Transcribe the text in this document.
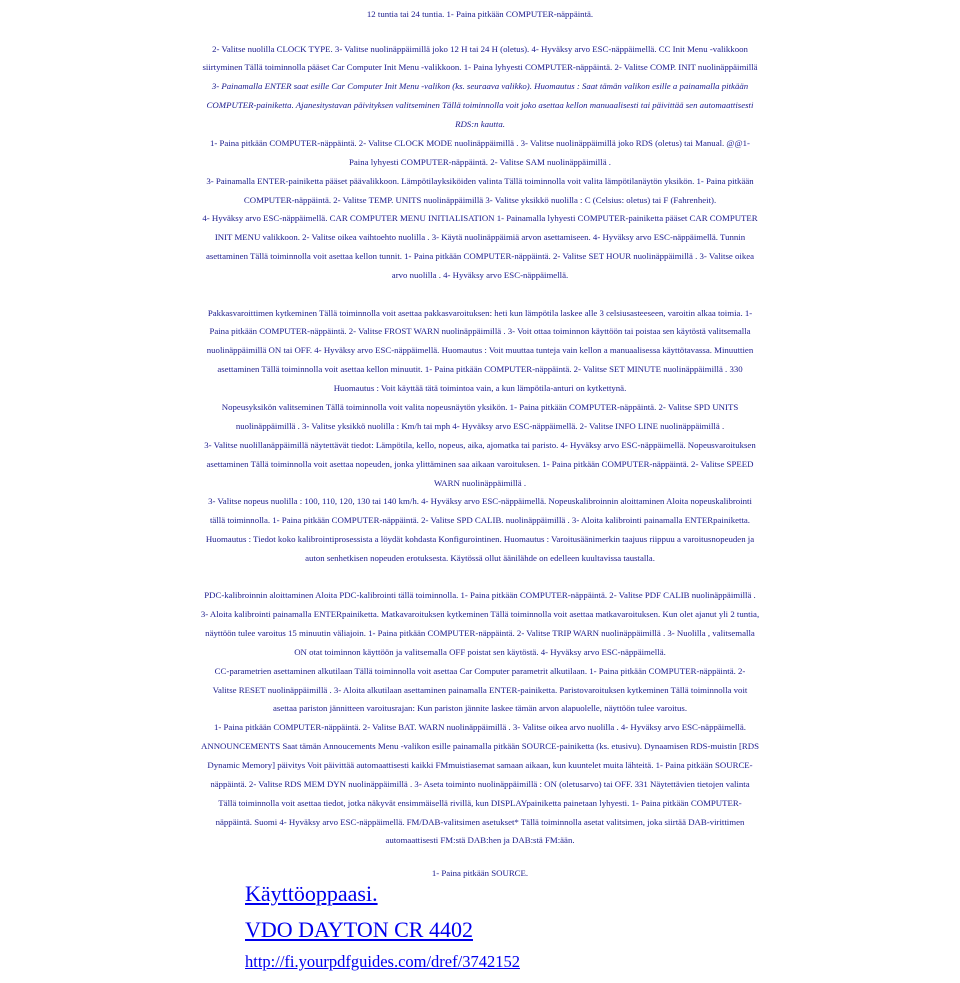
12 tuntia tai 24 tuntia. 1- Paina pitkään COMPUTER-näppäintä.
2- Valitse nuolilla CLOCK TYPE. 3- Valitse nuolinäppäimillä joko 12 H tai 24 H (oletus). 4- Hyväksy arvo ESC-näppäimellä. CC Init Menu -valikkoon
siirtyminen Tällä toiminnolla pääset Car Computer Init Menu -valikkoon. 1- Paina lyhyesti COMPUTER-näppäintä. 2- Valitse COMP. INIT nuolinäppäimillä
3- Painamalla ENTER saat esille Car Computer Init Menu -valikon (ks. seuraava valikko). Huomautus : Saat tämän valikon esille a painamalla pitkään
COMPUTER-painiketta. Ajanesitystavan päivityksen valitseminen Tällä toiminnolla voit joko asettaa kellon manuaalisesti tai päivittää sen automaattisesti
RDS:n kautta.
1- Paina pitkään COMPUTER-näppäintä. 2- Valitse CLOCK MODE nuolinäppäimillä . 3- Valitse nuolinäppäimillä joko RDS (oletus) tai Manual. @@1-
Paina lyhyesti COMPUTER-näppäintä. 2- Valitse SAM nuolinäppäimillä .
3- Painamalla ENTER-painiketta pääset päävalikkoon. Lämpötilayksiköiden valinta Tällä toiminnolla voit valita lämpötilanäytön yksikön. 1- Paina pitkään
COMPUTER-näppäintä. 2- Valitse TEMP. UNITS nuolinäppäimillä 3- Valitse yksikkö nuolilla : C (Celsius: oletus) tai F (Fahrenheit).
4- Hyväksy arvo ESC-näppäimellä. CAR COMPUTER MENU INITIALISATION 1- Painamalla lyhyesti COMPUTER-painiketta pääset CAR COMPUTER
INIT MENU valikkoon. 2- Valitse oikea vaihtoehto nuolilla . 3- Käytä nuolinäppäimiä arvon asettamiseen. 4- Hyväksy arvo ESC-näppäimellä. Tunnin
asettaminen Tällä toiminnolla voit asettaa kellon tunnit. 1- Paina pitkään COMPUTER-näppäintä. 2- Valitse SET HOUR nuolinäppäimillä . 3- Valitse oikea
arvo nuolilla . 4- Hyväksy arvo ESC-näppäimellä.
Pakkasvaroittimen kytkeminen Tällä toiminnolla voit asettaa pakkasvaroituksen: heti kun lämpötila laskee alle 3 celsiusasteeseen, varoitin alkaa toimia. 1-
Paina pitkään COMPUTER-näppäintä. 2- Valitse FROST WARN nuolinäppäimillä . 3- Voit ottaa toiminnon käyttöön tai poistaa sen käytöstä valitsemalla
nuolinäppäimillä ON tai OFF. 4- Hyväksy arvo ESC-näppäimellä. Huomautus : Voit muuttaa tunteja vain kellon a manuaalisessa käyttötavassa. Minuuttien
asettaminen Tällä toiminnolla voit asettaa kellon minuutit. 1- Paina pitkään COMPUTER-näppäintä. 2- Valitse SET MINUTE nuolinäppäimillä . 330
Huomautus : Voit käyttää tätä toimintoa vain, a kun lämpötila-anturi on kytkettynä.
Nopeusyksikön valitseminen Tällä toiminnolla voit valita nopeusnäytön yksikön. 1- Paina pitkään COMPUTER-näppäintä. 2- Valitse SPD UNITS
nuolinäppäimillä . 3- Valitse yksikkö nuolilla : Km/h tai mph 4- Hyväksy arvo ESC-näppäimellä. 2- Valitse INFO LINE nuolinäppäimillä .
3- Valitse nuolillanäppäimillä näytettävät tiedot: Lämpötila, kello, nopeus, aika, ajomatka tai paristo. 4- Hyväksy arvo ESC-näppäimellä. Nopeusvaroituksen
asettaminen Tällä toiminnolla voit asettaa nopeuden, jonka ylittäminen saa aikaan varoituksen. 1- Paina pitkään COMPUTER-näppäintä. 2- Valitse SPEED
WARN nuolinäppäimillä .
3- Valitse nopeus nuolilla : 100, 110, 120, 130 tai 140 km/h. 4- Hyväksy arvo ESC-näppäimellä. Nopeuskalibroinnin aloittaminen Aloita nopeuskalibrointi
tällä toiminnolla. 1- Paina pitkään COMPUTER-näppäintä. 2- Valitse SPD CALIB. nuolinäppäimillä . 3- Aloita kalibrointi painamalla ENTERpainiketta.
Huomautus : Tiedot koko kalibrointiprosessista a löydät kohdasta Konfigurointinen. Huomautus : Varoitusäänimerkin taajuus riippuu a varoitusnopeuden ja
auton senhetkisen nopeuden erotuksesta. Käytössä ollut äänilähde on edelleen kuultavissa taustalla.
PDC-kalibroinnin aloittaminen Aloita PDC-kalibrointi tällä toiminnolla. 1- Paina pitkään COMPUTER-näppäintä. 2- Valitse PDF CALIB nuolinäppäimillä .
3- Aloita kalibrointi painamalla ENTERpainiketta. Matkavaroituksen kytkeminen Tällä toiminnolla voit asettaa matkavaroituksen. Kun olet ajanut yli 2 tuntia,
näyttöön tulee varoitus 15 minuutin väliajoin. 1- Paina pitkään COMPUTER-näppäintä. 2- Valitse TRIP WARN nuolinäppäimillä . 3- Nuolilla , valitsemalla
ON otat toiminnon käyttöön ja valitsemalla OFF poistat sen käytöstä. 4- Hyväksy arvo ESC-näppäimellä.
CC-parametrien asettaminen alkutilaan Tällä toiminnolla voit asettaa Car Computer parametrit alkutilaan. 1- Paina pitkään COMPUTER-näppäintä. 2-
Valitse RESET nuolinäppäimillä . 3- Aloita alkutilaan asettaminen painamalla ENTER-painiketta. Paristovaroituksen kytkeminen Tällä toiminnolla voit
asettaa pariston jännitteen varoitusrajan: Kun pariston jännite laskee tämän arvon alapuolelle, näyttöön tulee varoitus.
1- Paina pitkään COMPUTER-näppäintä. 2- Valitse BAT. WARN nuolinäppäimillä . 3- Valitse oikea arvo nuolilla . 4- Hyväksy arvo ESC-näppäimellä.
ANNOUNCEMENTS Saat tämän Annoucements Menu -valikon esille painamalla pitkään SOURCE-painiketta (ks. etusivu). Dynaamisen RDS-muistin [RDS
Dynamic Memory] päivitys Voit päivittää automaattisesti kaikki FMmuistiasemat samaan aikaan, kun kuuntelet muita lähteitä. 1- Paina pitkään SOURCE-
näppäintä. 2- Valitse RDS MEM DYN nuolinäppäimillä . 3- Aseta toiminto nuolinäppäimillä : ON (oletusarvo) tai OFF. 331 Näytettävien tietojen valinta
Tällä toiminnolla voit asettaa tiedot, jotka näkyvät ensimmäisellä rivillä, kun DISPLAYpainiketta painetaan lyhyesti. 1- Paina pitkään COMPUTER-
näppäintä. Suomi 4- Hyväksy arvo ESC-näppäimellä. FM/DAB-valitsimen asetukset* Tällä toiminnolla asetat valitsimen, joka siirtää DAB-virittimen
automaattisesti FM:stä DAB:hen ja DAB:stä FM:ään.
1- Paina pitkään SOURCE.
Käyttöoppaasi.
VDO DAYTON CR 4402
http://fi.yourpdfguides.com/dref/3742152
